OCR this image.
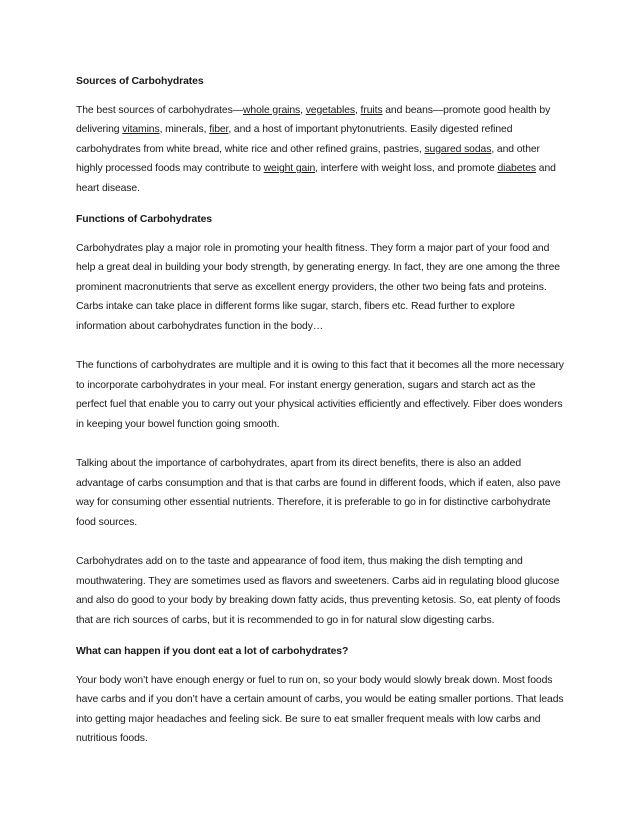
Sources of Carbohydrates
The best sources of carbohydrates—whole grains, vegetables, fruits and beans—promote good health by delivering vitamins, minerals, fiber, and a host of important phytonutrients. Easily digested refined carbohydrates from white bread, white rice and other refined grains, pastries, sugared sodas, and other highly processed foods may contribute to weight gain, interfere with weight loss, and promote diabetes and heart disease.
Functions of Carbohydrates
Carbohydrates play a major role in promoting your health fitness. They form a major part of your food and help a great deal in building your body strength, by generating energy. In fact, they are one among the three prominent macronutrients that serve as excellent energy providers, the other two being fats and proteins. Carbs intake can take place in different forms like sugar, starch, fibers etc. Read further to explore information about carbohydrates function in the body…
The functions of carbohydrates are multiple and it is owing to this fact that it becomes all the more necessary to incorporate carbohydrates in your meal. For instant energy generation, sugars and starch act as the perfect fuel that enable you to carry out your physical activities efficiently and effectively. Fiber does wonders in keeping your bowel function going smooth.
Talking about the importance of carbohydrates, apart from its direct benefits, there is also an added advantage of carbs consumption and that is that carbs are found in different foods, which if eaten, also pave way for consuming other essential nutrients. Therefore, it is preferable to go in for distinctive carbohydrate food sources.
Carbohydrates add on to the taste and appearance of food item, thus making the dish tempting and mouthwatering. They are sometimes used as flavors and sweeteners. Carbs aid in regulating blood glucose and also do good to your body by breaking down fatty acids, thus preventing ketosis. So, eat plenty of foods that are rich sources of carbs, but it is recommended to go in for natural slow digesting carbs.
What can happen if you dont eat a lot of carbohydrates?
Your body won’t have enough energy or fuel to run on, so your body would slowly break down. Most foods have carbs and if you don’t have a certain amount of carbs, you would be eating smaller portions. That leads into getting major headaches and feeling sick. Be sure to eat smaller frequent meals with low carbs and nutritious foods.
